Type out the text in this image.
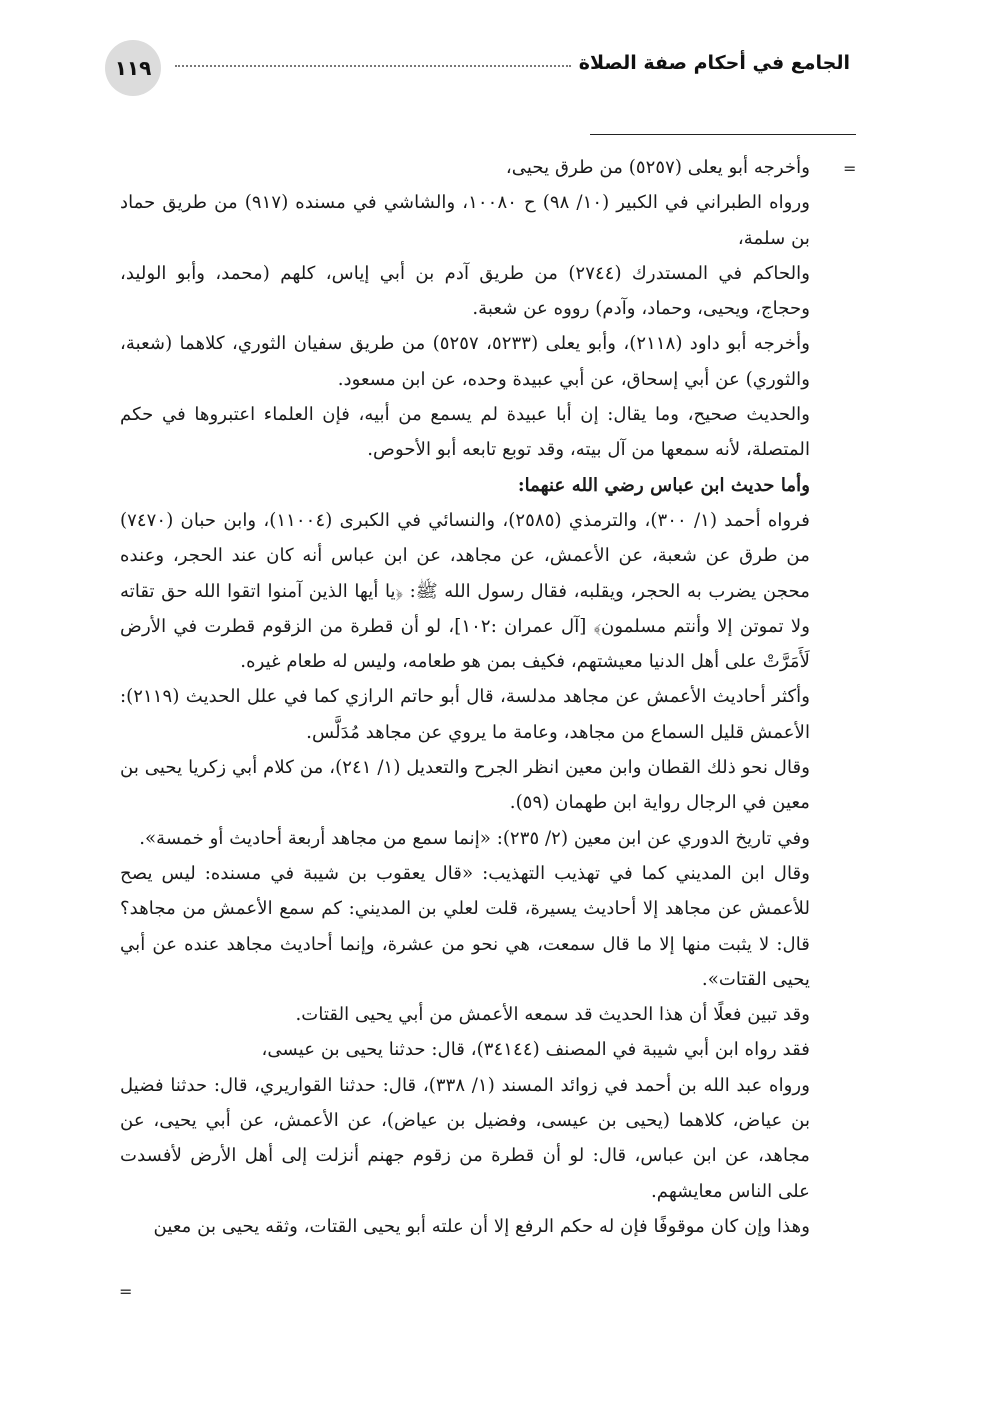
١١٩	الجامع في أحكام صفة الصلاة
=

وأخرجه أبو يعلى (٥٢٥٧) من طرق يحيى،

ورواه الطبراني في الكبير (١٠/ ٩٨) ح ١٠٠٨٠، والشاشي في مسنده (٩١٧) من طريق حماد بن سلمة،

والحاكم في المستدرك (٢٧٤٤) من طريق آدم بن أبي إياس، كلهم (محمد، وأبو الوليد، وحجاج، ويحيى، وحماد، وآدم) رووه عن شعبة.

وأخرجه أبو داود (٢١١٨)، وأبو يعلى (٥٢٣٣، ٥٢٥٧) من طريق سفيان الثوري، كلاهما (شعبة، والثوري) عن أبي إسحاق، عن أبي عبيدة وحده، عن ابن مسعود.

والحديث صحيح، وما يقال: إن أبا عبيدة لم يسمع من أبيه، فإن العلماء اعتبروها في حكم المتصلة، لأنه سمعها من آل بيته، وقد توبع تابعه أبو الأحوص.

وأما حديث ابن عباس رضي الله عنهما:

فرواه أحمد (١/ ٣٠٠)، والترمذي (٢٥٨٥)، والنسائي في الكبرى (١١٠٠٤)، وابن حبان (٧٤٧٠) من طرق عن شعبة، عن الأعمش، عن مجاهد، عن ابن عباس أنه كان عند الحجر، وعنده محجن يضرب به الحجر، ويقلبه، فقال رسول الله ﷺ: ﴿يا أيها الذين آمنوا اتقوا الله حق تقاته ولا تموتن إلا وأنتم مسلمون﴾ [آل عمران :١٠٢]، لو أن قطرة من الزقوم قطرت في الأرض لَأَمَرَّتْ على أهل الدنيا معيشتهم، فكيف بمن هو طعامه، وليس له طعام غيره.

وأكثر أحاديث الأعمش عن مجاهد مدلسة، قال أبو حاتم الرازي كما في علل الحديث (٢١١٩): الأعمش قليل السماع من مجاهد، وعامة ما يروي عن مجاهد مُدَلَّس.

وقال نحو ذلك القطان وابن معين انظر الجرح والتعديل (١/ ٢٤١)، من كلام أبي زكريا يحيى بن معين في الرجال رواية ابن طهمان (٥٩).

وفي تاريخ الدوري عن ابن معين (٢/ ٢٣٥): «إنما سمع من مجاهد أربعة أحاديث أو خمسة».

وقال ابن المديني كما في تهذيب التهذيب: «قال يعقوب بن شيبة في مسنده: ليس يصح للأعمش عن مجاهد إلا أحاديث يسيرة، قلت لعلي بن المديني: كم سمع الأعمش من مجاهد؟ قال: لا يثبت منها إلا ما قال سمعت، هي نحو من عشرة، وإنما أحاديث مجاهد عنده عن أبي يحيى القتات».

وقد تبين فعلًا أن هذا الحديث قد سمعه الأعمش من أبي يحيى القتات.

فقد رواه ابن أبي شيبة في المصنف (٣٤١٤٤)، قال: حدثنا يحيى بن عيسى،

ورواه عبد الله بن أحمد في زوائد المسند (١/ ٣٣٨)، قال: حدثنا القواريري، قال: حدثنا فضيل بن عياض، كلاهما (يحيى بن عيسى، وفضيل بن عياض)، عن الأعمش، عن أبي يحيى، عن مجاهد، عن ابن عباس، قال: لو أن قطرة من زقوم جهنم أنزلت إلى أهل الأرض لأفسدت على الناس معايشهم.

وهذا وإن كان موقوفًا فإن له حكم الرفع إلا أن علته أبو يحيى القتات، وثقه يحيى بن معين

=
